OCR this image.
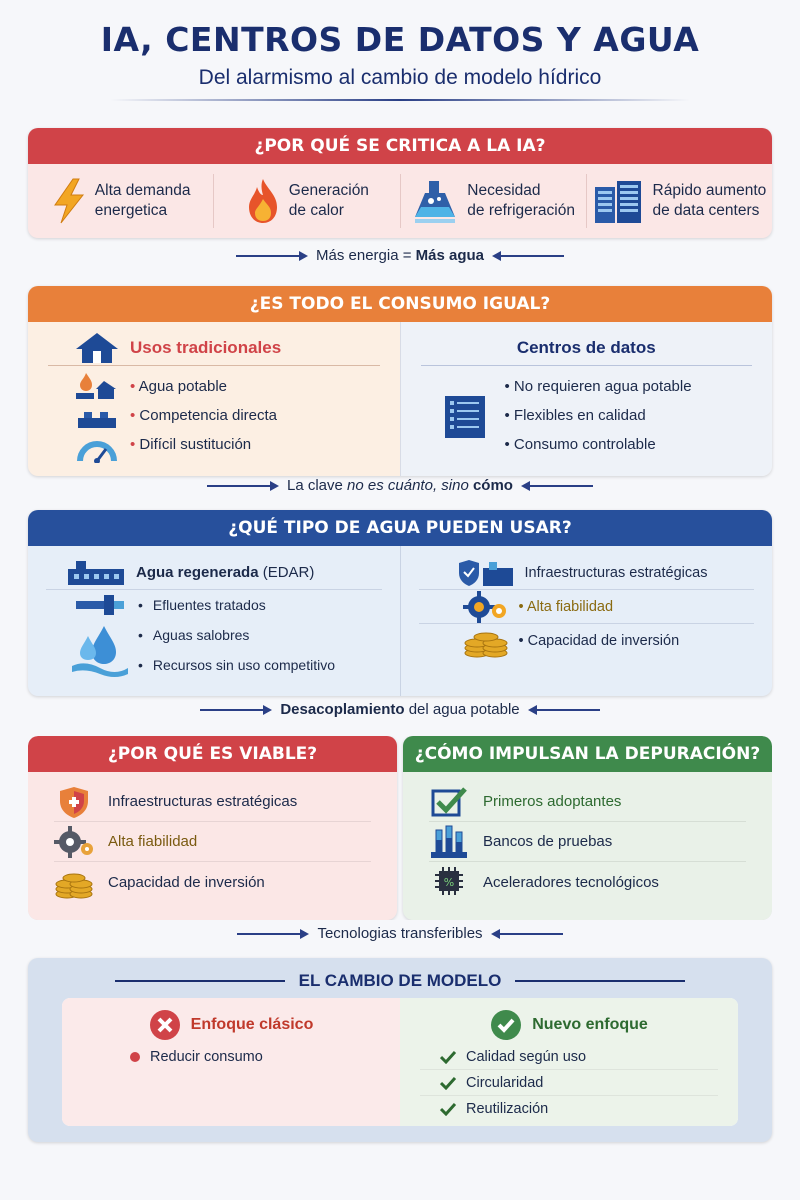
IA, CENTROS DE DATOS Y AGUA
Del alarmismo al cambio de modelo hídrico
¿POR QUÉ SE CRITICA A LA IA?
Alta demanda
energetica
Generación
de calor
Necesidad
de refrigeración
Rápido aumento
de data centers
Más energia = Más agua
¿ES TODO EL CONSUMO IGUAL?
Usos tradicionales
• Agua potable
• Competencia directa
• Difícil sustitución
Centros de datos
• No requieren agua potable
• Flexibles en calidad
• Consumo controlable
La clave no es cuánto, sino cómo
¿QUÉ TIPO DE AGUA PUEDEN USAR?
Agua regenerada (EDAR)
• Efluentes tratados
• Aguas salobres
• Recursos sin uso competitivo
Infraestructuras estratégicas
• Alta fiabilidad
• Capacidad de inversión
Desacoplamiento del agua potable
¿POR QUÉ ES VIABLE?
Infraestructuras estratégicas
Alta fiabilidad
Capacidad de inversión
¿CÓMO IMPULSAN LA DEPURACIÓN?
Primeros adoptantes
Bancos de pruebas
% Aceleradores tecnológicos
Tecnologias transferibles
EL CAMBIO DE MODELO
Enfoque clásico
Reducir consumo
Nuevo enfoque
Calidad según uso
Circularidad
Reutilización
